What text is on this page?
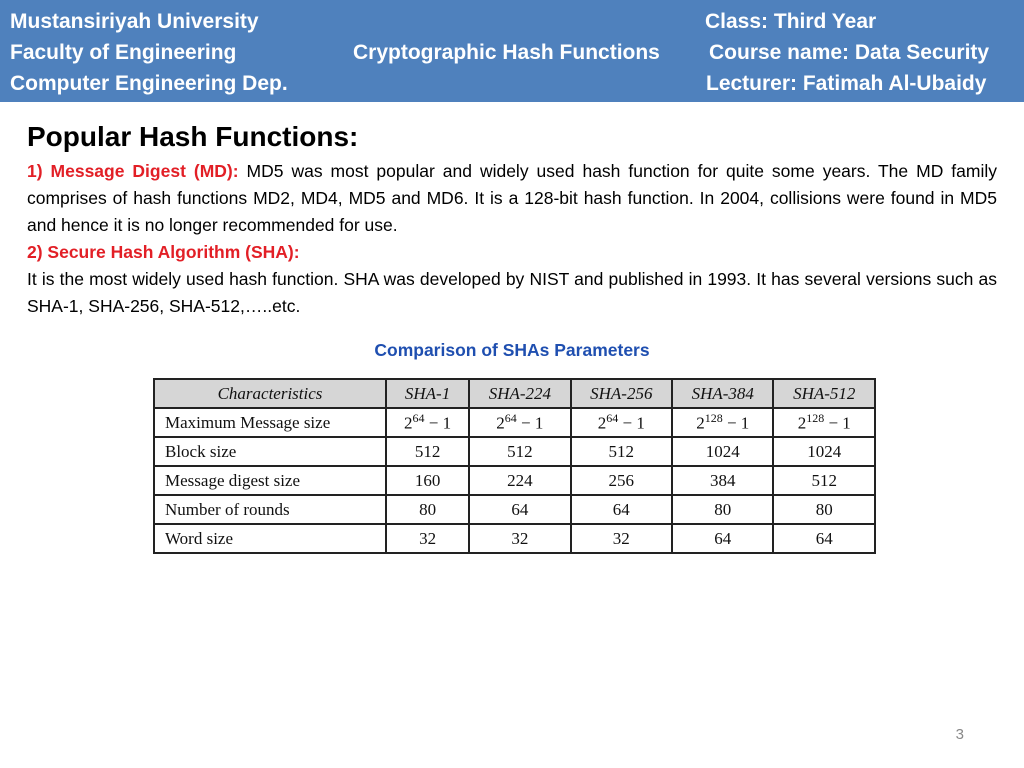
Mustansiriyah University
Faculty of Engineering
Computer Engineering Dep.
Cryptographic Hash Functions
Class: Third Year
Course name: Data Security
Lecturer: Fatimah Al-Ubaidy
Popular Hash Functions:

1) Message Digest (MD): MD5 was most popular and widely used hash function for quite some years. The MD family comprises of hash functions MD2, MD4, MD5 and MD6. It is a 128-bit hash function. In 2004, collisions were found in MD5 and hence it is no longer recommended for use.

2) Secure Hash Algorithm (SHA):

It is the most widely used hash function. SHA was developed by NIST and published in 1993. It has several versions such as SHA-1, SHA-256, SHA-512,…..etc.

Comparison of SHAs Parameters
Characteristics	SHA-1	SHA-224	SHA-256	SHA-384	SHA-512
Maximum Message size	$2^{64} - 1$	$2^{64} - 1$	$2^{64} - 1$	$2^{128} - 1$	$2^{128} - 1$
Block size	512	512	512	1024	1024
Message digest size	160	224	256	384	512
Number of rounds	80	64	64	80	80
Word size	32	32	32	64	64
3
